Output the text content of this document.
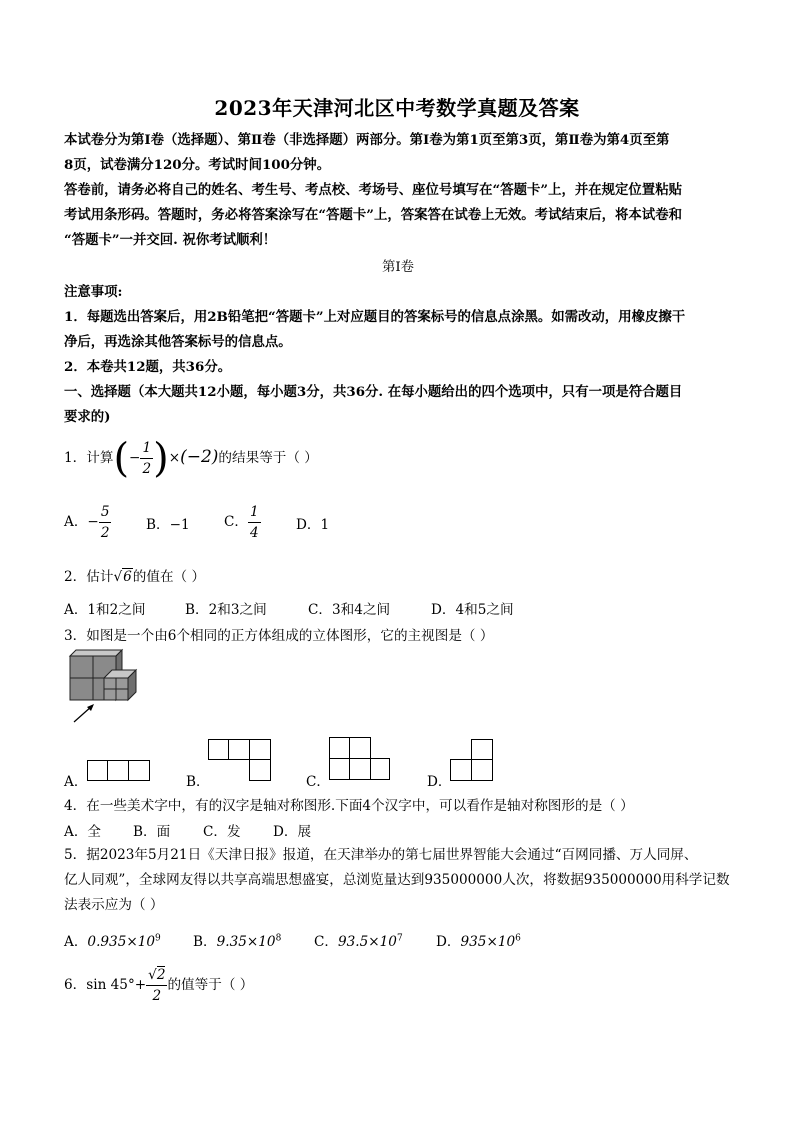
2023年天津河北区中考数学真题及答案
本试卷分为第Ⅰ卷（选择题）、第Ⅱ卷（非选择题）两部分。第Ⅰ卷为第1页至第3页，第Ⅱ卷为第4页至第
8页，试卷满分120分。考试时间100分钟。
答卷前，请务必将自己的姓名、考生号、考点校、考场号、座位号填写在“答题卡”上，并在规定位置粘贴
考试用条形码。答题时，务必将答案涂写在“答题卡”上，答案答在试卷上无效。考试结束后，将本试卷和
“答题卡”一并交回. 祝你考试顺利！
第Ⅰ卷
注意事项:
1．每题选出答案后，用2B铅笔把“答题卡”上对应题目的答案标号的信息点涂黑。如需改动，用橡皮擦干
净后，再选涂其他答案标号的信息点。
2．本卷共12题，共36分。
一、选择题（本大题共12小题，每小题3分，共36分. 在每小题给出的四个选项中，只有一项是符合题目
要求的)
1．计算(− $\frac{1}{2} )\times(-2)$的结果等于（ ）
A．− $\frac{5}{2}$	B．−1	C． $\frac{1}{4}$	D．1
2．估计√6的值在（ ）
A．1和2之间	B．2和3之间	C．3和4之间	D．4和5之间
3．如图是一个由6个相同的正方体组成的立体图形，它的主视图是（ ）
A．	B．	C．	D．
4．在一些美术字中，有的汉字是轴对称图形.下面4个汉字中，可以看作是轴对称图形的是（ ）
A．全 B．面 C．发 D．展
5．据2023年5月21日《天津日报》报道，在天津举办的第七届世界智能大会通过“百网同播、万人同屏、
亿人同观”，全球网友得以共享高端思想盛宴，总浏览量达到935000000人次，将数据935000000用科学记数
法表示应为（ ）
A．$0.935\times 10^9$ B．$9.35\times 10^8$ C．$93.5\times 10^7$ D．$935\times 10^6$
6．$\sin 45^\circ+ \frac{√2}{2}$ 的值等于（ ）
